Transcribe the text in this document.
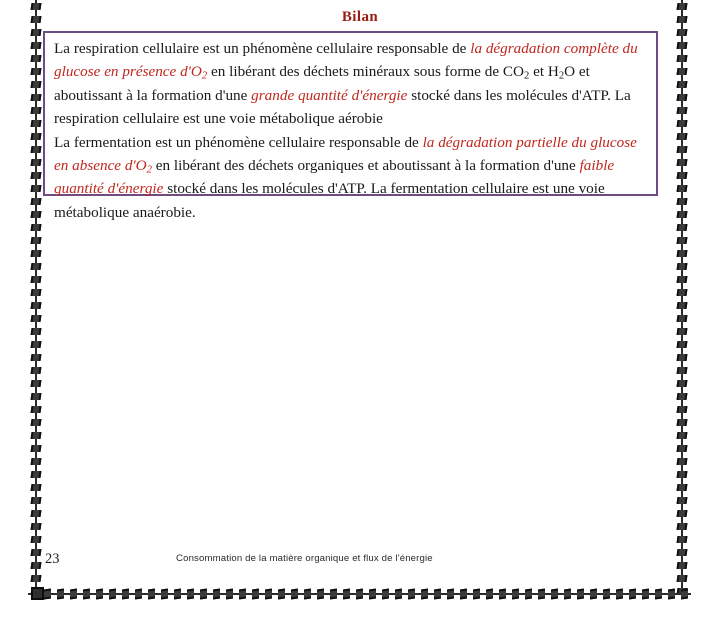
Bilan
La respiration cellulaire est un phénomène cellulaire responsable de la dégradation complète du glucose en présence $d'O_2$ en libérant des déchets minéraux sous forme de $CO_2$ et $H_2O$ et aboutissant à la formation d'une grande quantité d'énergie stocké dans les molécules d'ATP. La respiration cellulaire est une voie métabolique aérobie
La fermentation est un phénomène cellulaire responsable de la dégradation partielle du glucose en absence $d'O_2$ en libérant des déchets organiques et aboutissant à la formation d'une faible quantité d'énergie stocké dans les molécules d'ATP. La fermentation cellulaire est une voie métabolique anaérobie.
23	Consommation de la matière organique et flux de l'énergie
